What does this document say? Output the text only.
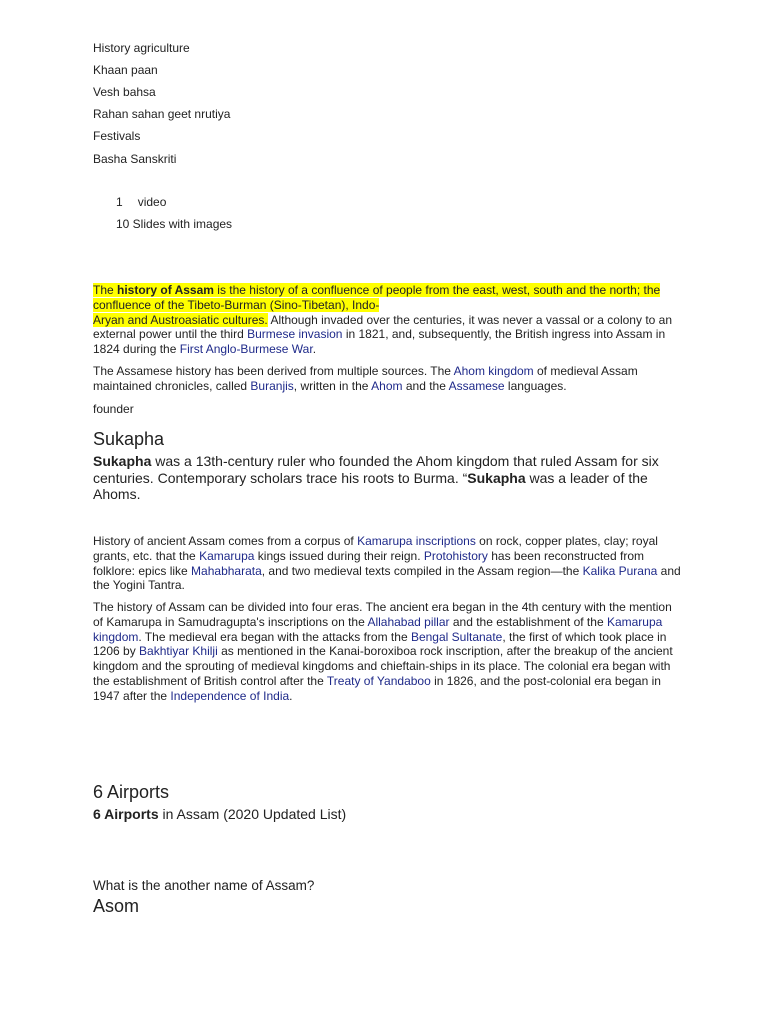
History agriculture
Khaan paan
Vesh bahsa
Rahan sahan geet nrutiya
Festivals
Basha Sanskriti
1 video
10 Slides with images
The history of Assam is the history of a confluence of people from the east, west, south and the north; the confluence of the Tibeto-Burman (Sino-Tibetan), Indo-
Aryan and Austroasiatic cultures. Although invaded over the centuries, it was never a vassal or a colony to an external power until the third Burmese invasion in 1821, and, subsequently, the British ingress into Assam in 1824 during the First Anglo-Burmese War.
The Assamese history has been derived from multiple sources. The Ahom kingdom of medieval Assam maintained chronicles, called Buranjis, written in the Ahom and the Assamese languages.
founder
Sukapha
Sukapha was a 13th-century ruler who founded the Ahom kingdom that ruled Assam for six centuries. Contemporary scholars trace his roots to Burma. “Sukapha was a leader of the Ahoms.
History of ancient Assam comes from a corpus of Kamarupa inscriptions on rock, copper plates, clay; royal grants, etc. that the Kamarupa kings issued during their reign. Protohistory has been reconstructed from folklore: epics like Mahabharata, and two medieval texts compiled in the Assam region—the Kalika Purana and the Yogini Tantra.
The history of Assam can be divided into four eras. The ancient era began in the 4th century with the mention of Kamarupa in Samudragupta's inscriptions on the Allahabad pillar and the establishment of the Kamarupa kingdom. The medieval era began with the attacks from the Bengal Sultanate, the first of which took place in 1206 by Bakhtiyar Khilji as mentioned in the Kanai-boroxiboa rock inscription, after the breakup of the ancient kingdom and the sprouting of medieval kingdoms and chieftain-ships in its place. The colonial era began with the establishment of British control after the Treaty of Yandaboo in 1826, and the post-colonial era began in 1947 after the Independence of India.
6 Airports
6 Airports in Assam (2020 Updated List)
What is the another name of Assam?
Asom
